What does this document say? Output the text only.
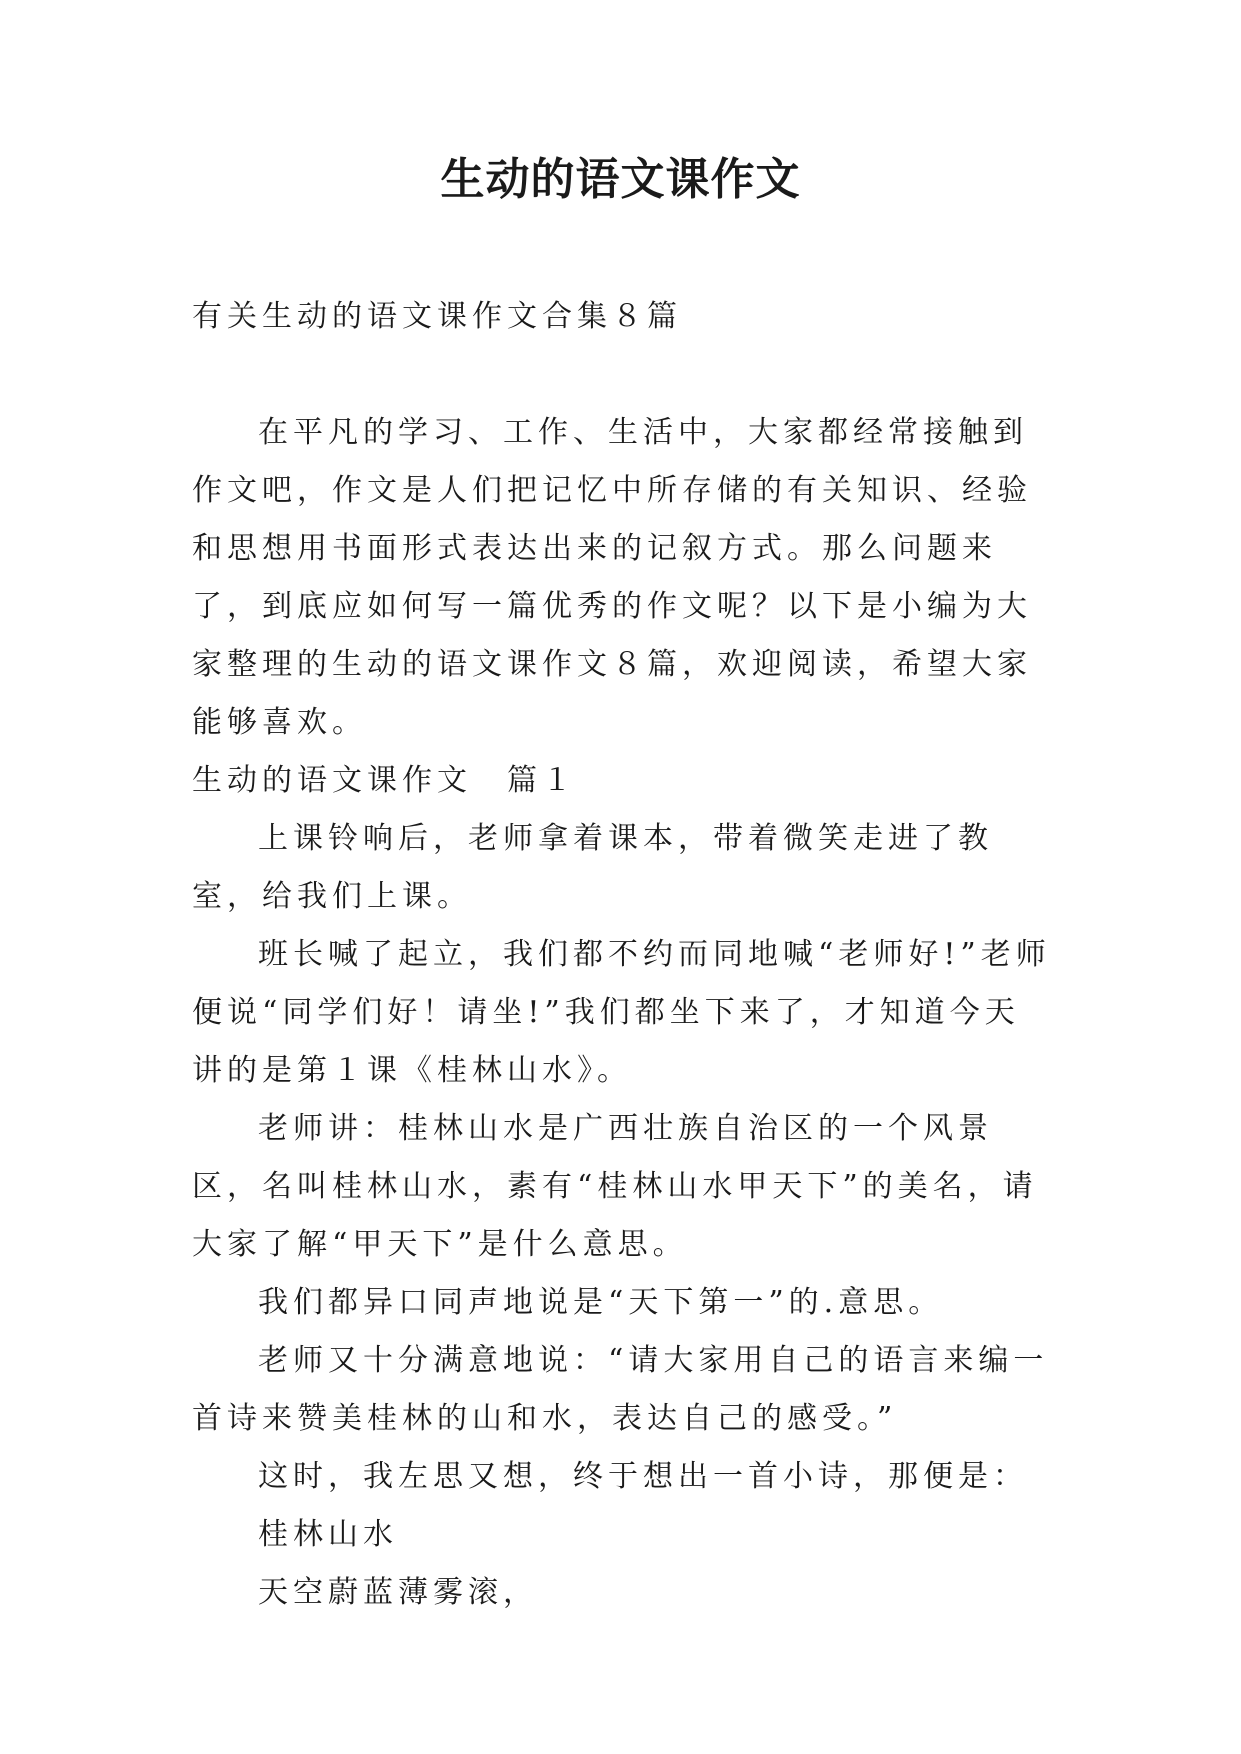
生动的语文课作文
有关生动的语文课作文合集８篇

在平凡的学习、工作、生活中，大家都经常接触到作文吧，作文是人们把记忆中所存储的有关知识、经验和思想用书面形式表达出来的记叙方式。那么问题来了，到底应如何写一篇优秀的作文呢？以下是小编为大家整理的生动的语文课作文８篇，欢迎阅读，希望大家能够喜欢。

生动的语文课作文　篇１

上课铃响后，老师拿着课本，带着微笑走进了教室，给我们上课。

班长喊了起立，我们都不约而同地喊“老师好!”老师便说“同学们好！请坐!”我们都坐下来了，才知道今天讲的是第１课《桂林山水》。

老师讲：桂林山水是广西壮族自治区的一个风景区，名叫桂林山水，素有“桂林山水甲天下”的美名，请大家了解“甲天下”是什么意思。

我们都异口同声地说是“天下第一”的.意思。

老师又十分满意地说：“请大家用自己的语言来编一首诗来赞美桂林的山和水，表达自己的感受。”

这时，我左思又想，终于想出一首小诗，那便是：

桂林山水

天空蔚蓝薄雾滚，
